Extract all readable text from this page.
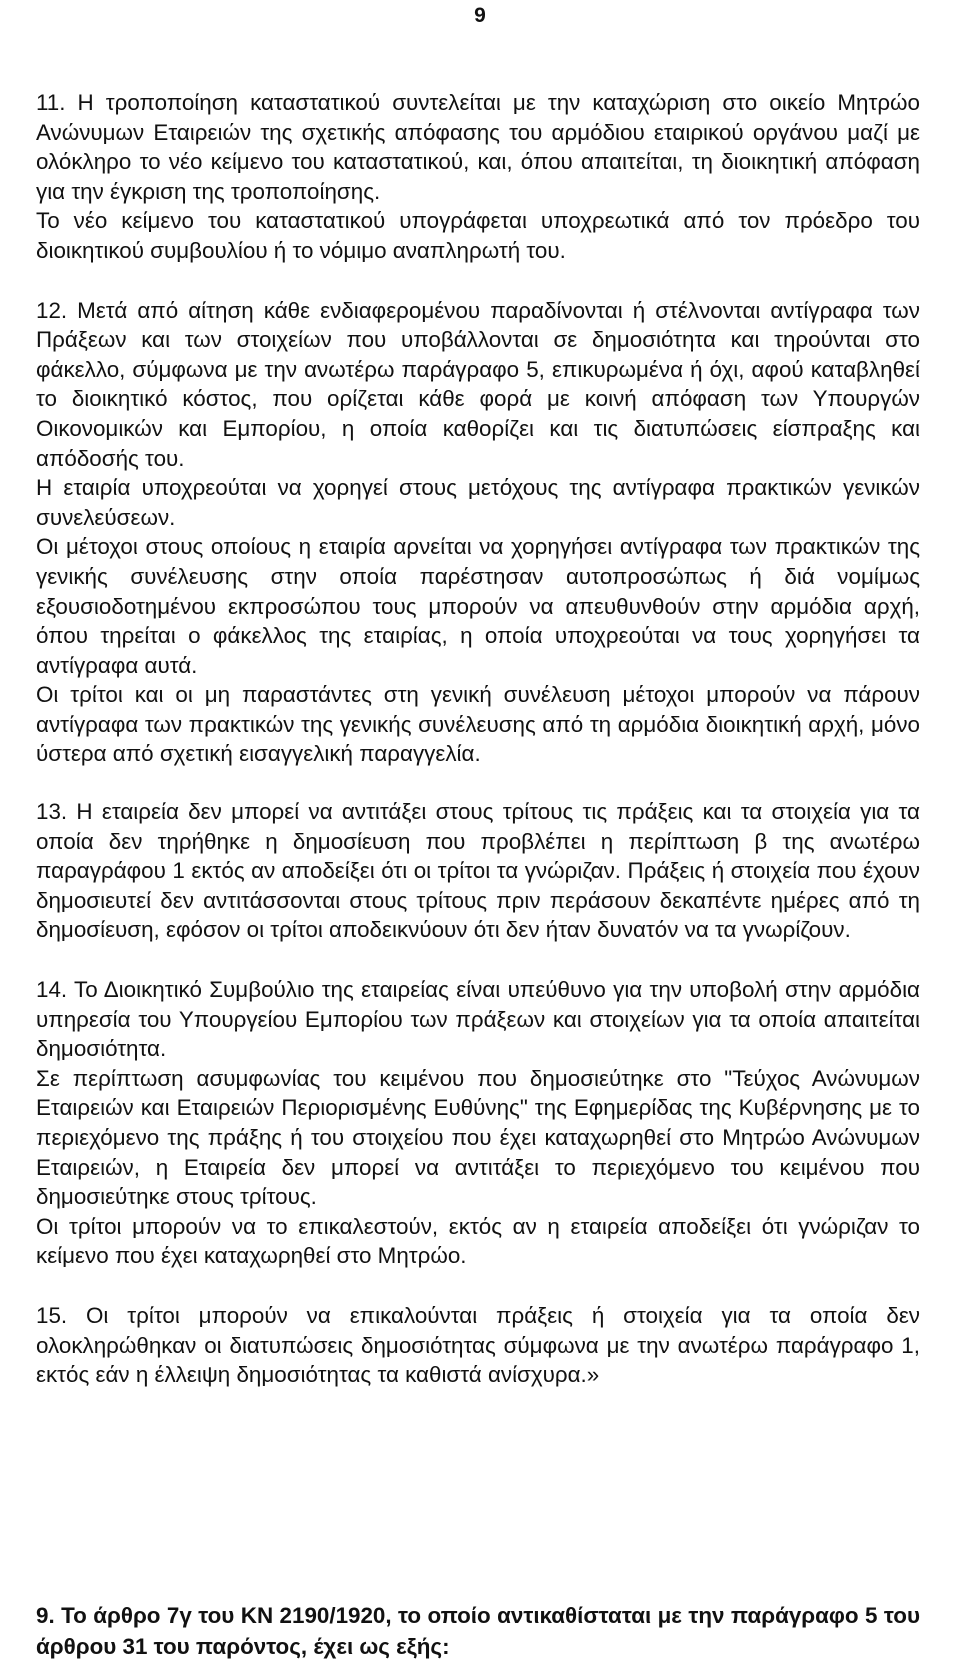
9

11. Η τροποποίηση καταστατικού συντελείται με την καταχώριση στο οικείο Μητρώο Ανώνυμων Εταιρειών της σχετικής απόφασης του αρμόδιου εταιρικού οργάνου μαζί με ολόκληρο το νέο κείμενο του καταστατικού, και, όπου απαιτείται, τη διοικητική απόφαση για την έγκριση της τροποποίησης.

Το νέο κείμενο του καταστατικού υπογράφεται υποχρεωτικά από τον πρόεδρο του διοικητικού συμβουλίου ή το νόμιμο αναπληρωτή του.

12. Μετά από αίτηση κάθε ενδιαφερομένου παραδίνονται ή στέλνονται αντίγραφα των Πράξεων και των στοιχείων που υποβάλλονται σε δημοσιότητα και τηρούνται στο φάκελλο, σύμφωνα με την ανωτέρω παράγραφο 5, επικυρωμένα ή όχι, αφού καταβληθεί το διοικητικό κόστος, που ορίζεται κάθε φορά με κοινή απόφαση των Υπουργών Οικονομικών και Εμπορίου, η οποία καθορίζει και τις διατυπώσεις είσπραξης και απόδοσής του.

Η εταιρία υποχρεούται να χορηγεί στους μετόχους της αντίγραφα πρακτικών γενικών συνελεύσεων.

Οι μέτοχοι στους οποίους η εταιρία αρνείται να χορηγήσει αντίγραφα των πρακτικών της γενικής συνέλευσης στην οποία παρέστησαν αυτοπροσώπως ή διά νομίμως εξουσιοδοτημένου εκπροσώπου τους μπορούν να απευθυνθούν στην αρμόδια αρχή, όπου τηρείται ο φάκελλος της εταιρίας, η οποία υποχρεούται να τους χορηγήσει τα αντίγραφα αυτά.

Οι τρίτοι και οι μη παραστάντες στη γενική συνέλευση μέτοχοι μπορούν να πάρουν αντίγραφα των πρακτικών της γενικής συνέλευσης από τη αρμόδια διοικητική αρχή, μόνο ύστερα από σχετική εισαγγελική παραγγελία.

13. Η εταιρεία δεν μπορεί να αντιτάξει στους τρίτους τις πράξεις και τα στοιχεία για τα οποία δεν τηρήθηκε η δημοσίευση που προβλέπει η περίπτωση β της ανωτέρω παραγράφου 1 εκτός αν αποδείξει ότι οι τρίτοι τα γνώριζαν. Πράξεις ή στοιχεία που έχουν δημοσιευτεί δεν αντιτάσσονται στους τρίτους πριν περάσουν δεκαπέντε ημέρες από τη δημοσίευση, εφόσον οι τρίτοι αποδεικνύουν ότι δεν ήταν δυνατόν να τα γνωρίζουν.

14. Το Διοικητικό Συμβούλιο της εταιρείας είναι υπεύθυνο για την υποβολή στην αρμόδια υπηρεσία του Υπουργείου Εμπορίου των πράξεων και στοιχείων για τα οποία απαιτείται δημοσιότητα.

Σε περίπτωση ασυμφωνίας του κειμένου που δημοσιεύτηκε στο "Τεύχος Ανώνυμων Εταιρειών και Εταιρειών Περιορισμένης Ευθύνης" της Εφημερίδας της Κυβέρνησης με το περιεχόμενο της πράξης ή του στοιχείου που έχει καταχωρηθεί στο Μητρώο Ανώνυμων Εταιρειών, η Εταιρεία δεν μπορεί να αντιτάξει το περιεχόμενο του κειμένου που δημοσιεύτηκε στους τρίτους.

Οι τρίτοι μπορούν να το επικαλεστούν, εκτός αν η εταιρεία αποδείξει ότι γνώριζαν το κείμενο που έχει καταχωρηθεί στο Μητρώο.

15. Οι τρίτοι μπορούν να επικαλούνται πράξεις ή στοιχεία για τα οποία δεν ολοκληρώθηκαν οι διατυπώσεις δημοσιότητας σύμφωνα με την ανωτέρω παράγραφο 1, εκτός εάν η έλλειψη δημοσιότητας τα καθιστά ανίσχυρα.»

9. Το άρθρο 7γ του ΚΝ 2190/1920, το οποίο αντικαθίσταται με την παράγραφο 5 του άρθρου 31 του παρόντος, έχει ως εξής:
